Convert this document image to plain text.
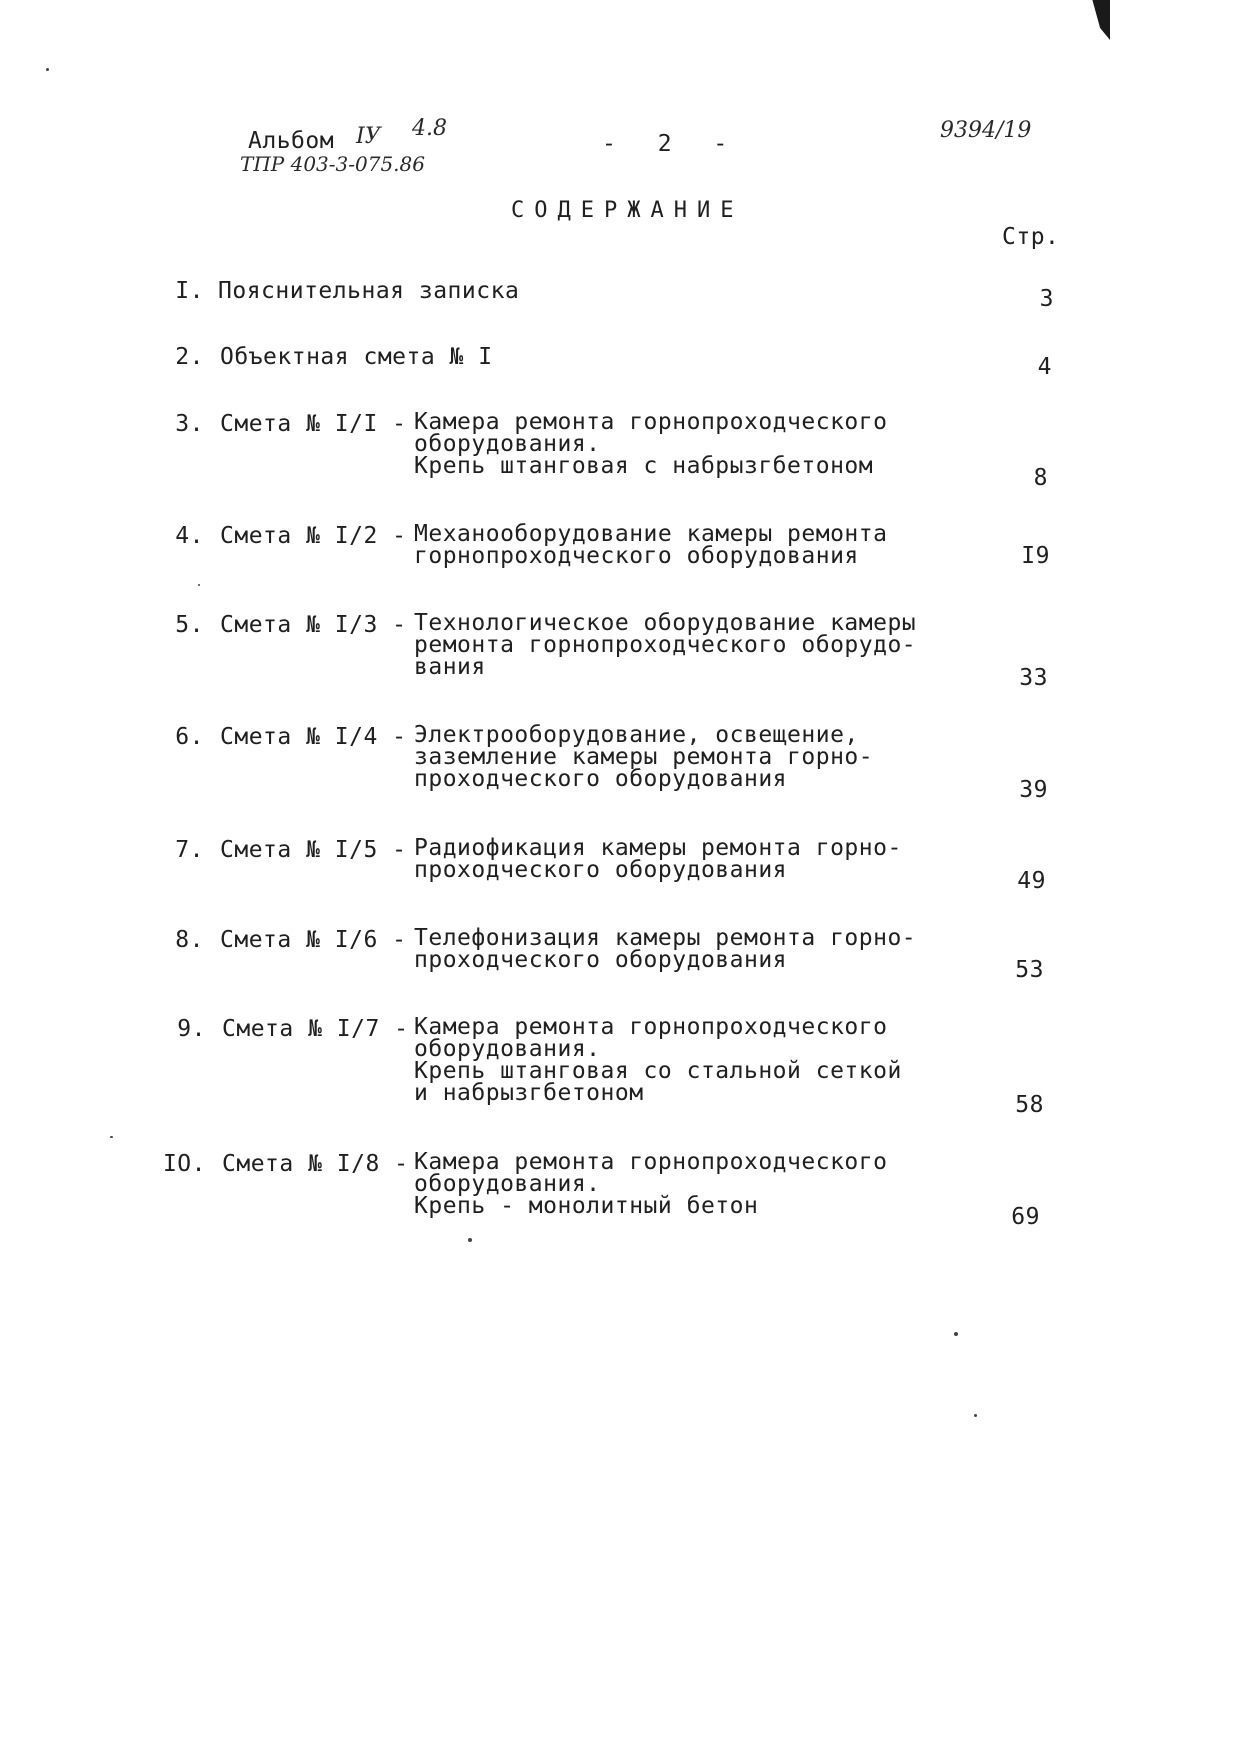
Альбом IУ 4.8
ТПР 403-3-075.86
- 2 -
9394/19
СОДЕРЖАНИЕ
Стр.
I. Пояснительная записка	3
2. Объектная смета № I	4
3. Смета № I/I - Камера ремонта горнопроходческого
оборудования.
Крепь штанговая с набрызгбетоном	8
4. Смета № I/2 - Механооборудование камеры ремонта
горнопроходческого оборудования	I9
5. Смета № I/3 - Технологическое оборудование камеры
ремонта горнопроходческого оборудо-
вания	33
6. Смета № I/4 - Электрооборудование, освещение,
заземление камеры ремонта горно-
проходческого оборудования	39
7. Смета № I/5 - Радиофикация камеры ремонта горно-
проходческого оборудования	49
8. Смета № I/6 - Телефонизация камеры ремонта горно-
проходческого оборудования	53
9. Смета № I/7 - Камера ремонта горнопроходческого
оборудования.
Крепь штанговая со стальной сеткой
и набрызгбетоном	58
IO. Смета № I/8 - Камера ремонта горнопроходческого
оборудования.
Крепь - монолитный бетон	69
